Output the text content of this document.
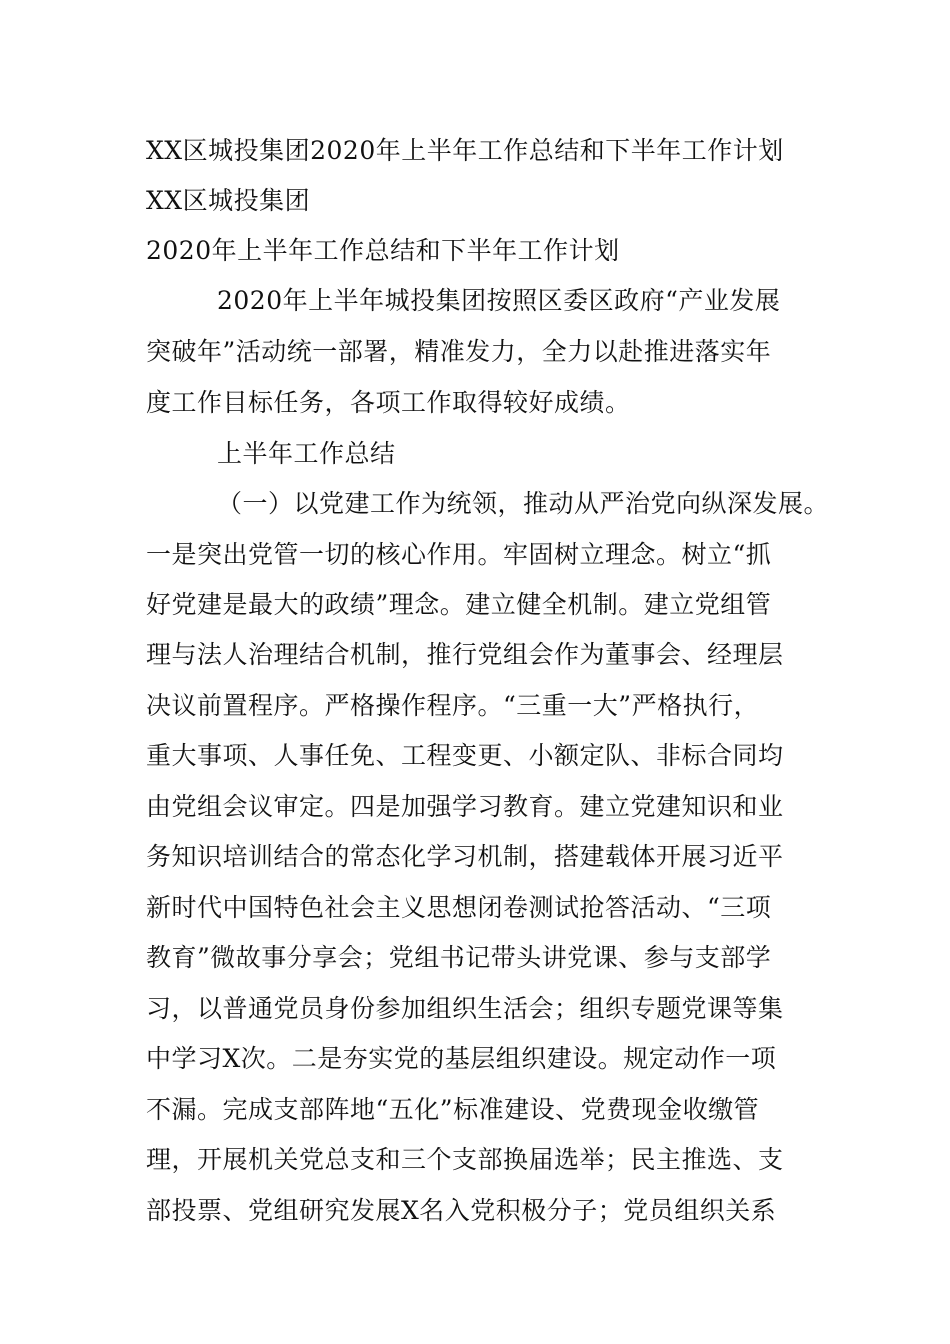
XX区城投集团2020年上半年工作总结和下半年工作计划
XX区城投集团
2020年上半年工作总结和下半年工作计划
2020年上半年城投集团按照区委区政府“产业发展
突破年”活动统一部署，精准发力，全力以赴推进落实年
度工作目标任务，各项工作取得较好成绩。
上半年工作总结
（一）以党建工作为统领，推动从严治党向纵深发展。
一是突出党管一切的核心作用。牢固树立理念。树立“抓
好党建是最大的政绩”理念。建立健全机制。建立党组管
理与法人治理结合机制，推行党组会作为董事会、经理层
决议前置程序。严格操作程序。“三重一大”严格执行，
重大事项、人事任免、工程变更、小额定队、非标合同均
由党组会议审定。四是加强学习教育。建立党建知识和业
务知识培训结合的常态化学习机制，搭建载体开展习近平
新时代中国特色社会主义思想闭卷测试抢答活动、“三项
教育”微故事分享会；党组书记带头讲党课、参与支部学
习，以普通党员身份参加组织生活会；组织专题党课等集
中学习X次。二是夯实党的基层组织建设。规定动作一项
不漏。完成支部阵地“五化”标准建设、党费现金收缴管
理，开展机关党总支和三个支部换届选举；民主推选、支
部投票、党组研究发展X名入党积极分子；党员组织关系
